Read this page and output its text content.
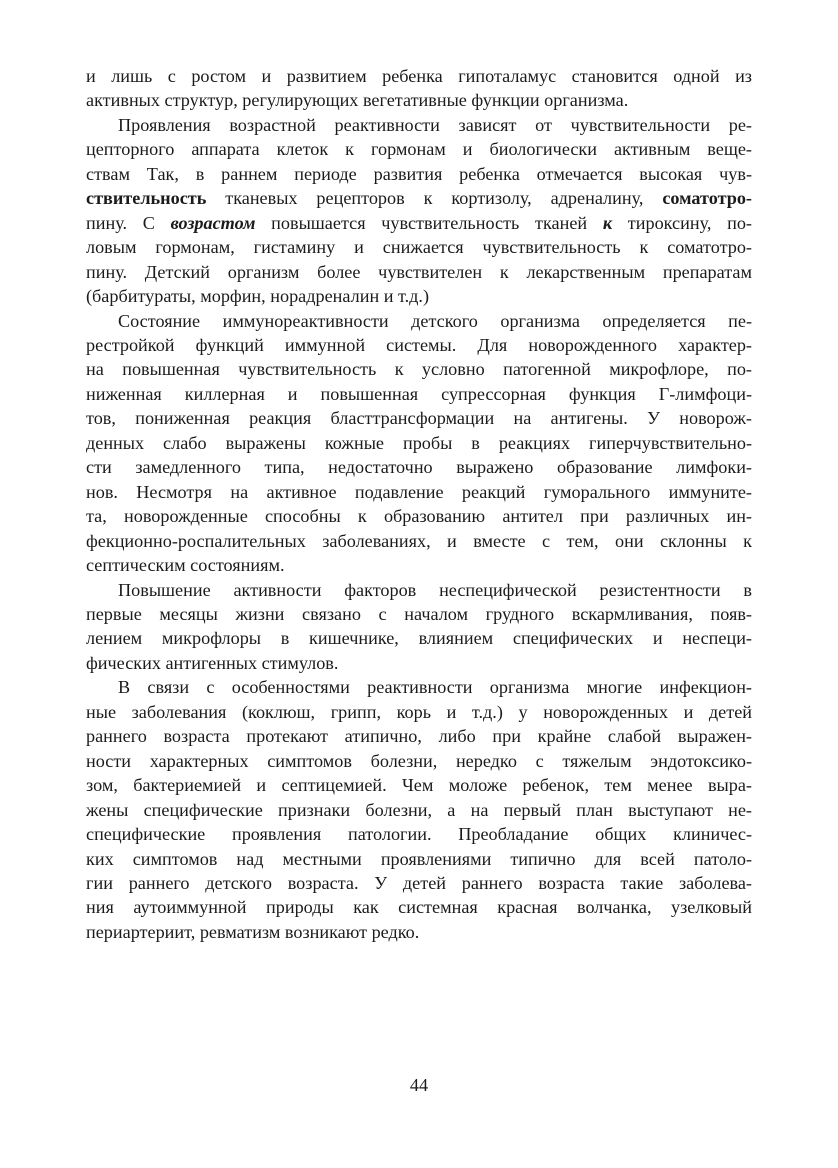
и лишь с ростом и развитием ребенка гипоталамус становится одной из
активных структур, регулирующих вегетативные функции организма.
Проявления возрастной реактивности зависят от чувствительности ре-
цепторного аппарата клеток к гормонам и биологически активным веще-
ствам Так, в раннем периоде развития ребенка отмечается высокая чув-
ствительность тканевых рецепторов к кортизолу, адреналину, соматотро-
пину. С возрастом повышается чувствительность тканей к тироксину, по-
ловым гормонам, гистамину и снижается чувствительность к соматотро-
пину. Детский организм более чувствителен к лекарственным препаратам
(барбитураты, морфин, норадреналин и т.д.)
Состояние иммунореактивности детского организма определяется пе-
рестройкой функций иммунной системы. Для новорожденного характер-
на повышенная чувствительность к условно патогенной микрофлоре, по-
ниженная киллерная и повышенная супрессорная функция Г-лимфоци-
тов, пониженная реакция бласттрансформации на антигены. У новорож-
денных слабо выражены кожные пробы в реакциях гиперчувствительно-
сти замедленного типа, недостаточно выражено образование лимфоки-
нов. Несмотря на активное подавление реакций гуморального иммуните-
та, новорожденные способны к образованию антител при различных ин-
фекционно-роспалительных заболеваниях, и вместе с тем, они склонны к
септическим состояниям.
Повышение активности факторов неспецифической резистентности в
первые месяцы жизни связано с началом грудного вскармливания, появ-
лением микрофлоры в кишечнике, влиянием специфических и неспеци-
фических антигенных стимулов.
В связи с особенностями реактивности организма многие инфекцион-
ные заболевания (коклюш, грипп, корь и т.д.) у новорожденных и детей
раннего возраста протекают атипично, либо при крайне слабой выражен-
ности характерных симптомов болезни, нередко с тяжелым эндотоксико-
зом, бактериемией и септицемией. Чем моложе ребенок, тем менее выра-
жены специфические признаки болезни, а на первый план выступают не-
специфические проявления патологии. Преобладание общих клиничес-
ких симптомов над местными проявлениями типично для всей патоло-
гии раннего детского возраста. У детей раннего возраста такие заболева-
ния аутоиммунной природы как системная красная волчанка, узелковый
периартериит, ревматизм возникают редко.
44
